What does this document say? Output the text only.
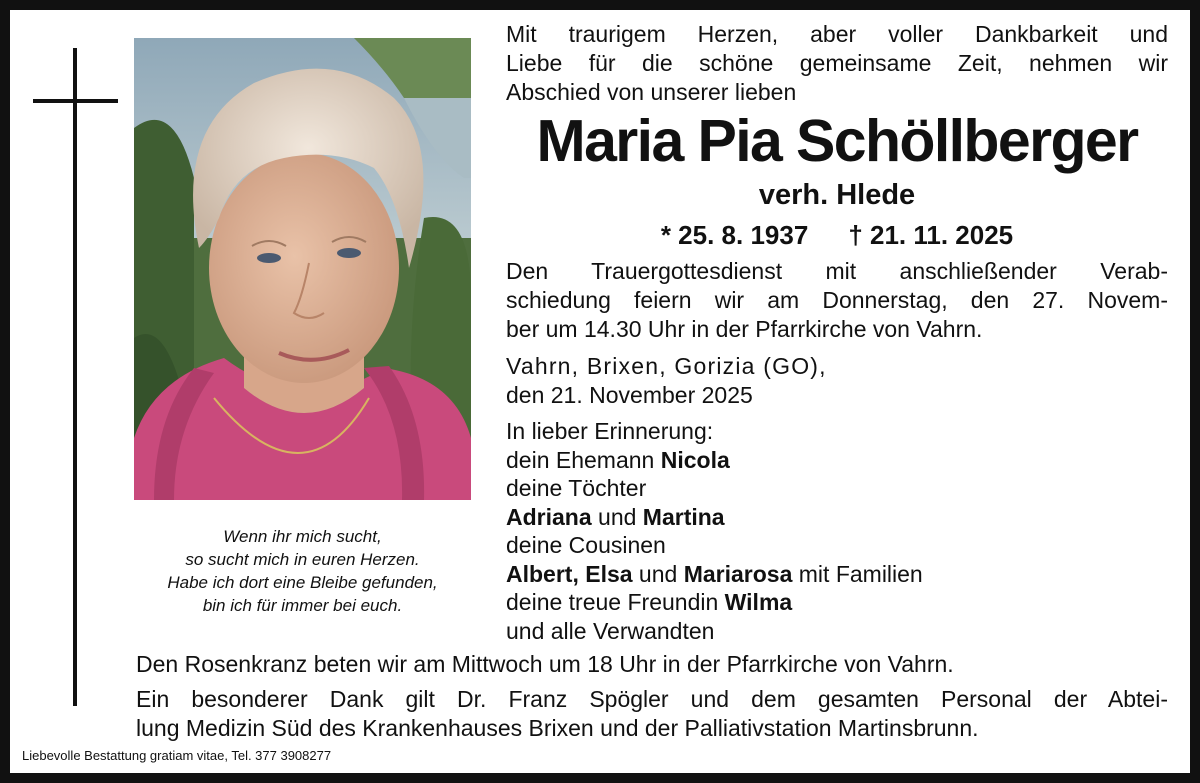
Wenn ihr mich sucht,
so sucht mich in euren Herzen.
Habe ich dort eine Bleibe gefunden,
bin ich für immer bei euch.
Mit traurigem Herzen, aber voller Dankbarkeit und
Liebe für die schöne gemeinsame Zeit, nehmen wir
Abschied von unserer lieben
Maria Pia Schöllberger
verh. Hlede
* 25. 8. 1937 † 21. 11. 2025
Den Trauergottesdienst mit anschließender Verab-
schiedung feiern wir am Donnerstag, den 27. Novem-
ber um 14.30 Uhr in der Pfarrkirche von Vahrn.
Vahrn, Brixen, Gorizia (GO),
den 21. November 2025
In lieber Erinnerung:
dein Ehemann Nicola
deine Töchter
Adriana und Martina
deine Cousinen
Albert, Elsa und Mariarosa mit Familien
deine treue Freundin Wilma
und alle Verwandten
Den Rosenkranz beten wir am Mittwoch um 18 Uhr in der Pfarrkirche von Vahrn.
Ein besonderer Dank gilt Dr. Franz Spögler und dem gesamten Personal der Abtei-
lung Medizin Süd des Krankenhauses Brixen und der Palliativstation Martinsbrunn.
Liebevolle Bestattung gratiam vitae, Tel. 377 3908277
